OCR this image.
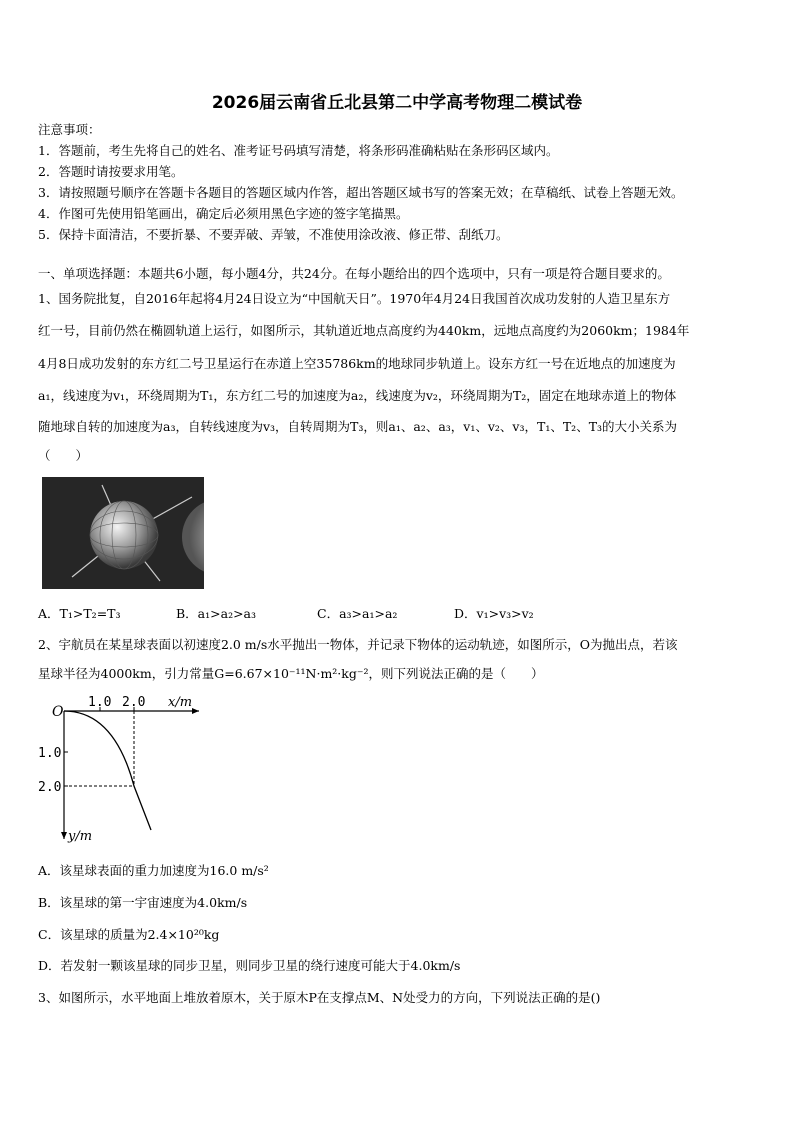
2026届云南省丘北县第二中学高考物理二模试卷
注意事项：
1．答题前，考生先将自己的姓名、准考证号码填写清楚，将条形码准确粘贴在条形码区域内。
2．答题时请按要求用笔。
3．请按照题号顺序在答题卡各题目的答题区域内作答，超出答题区域书写的答案无效；在草稿纸、试卷上答题无效。
4．作图可先使用铅笔画出，确定后必须用黑色字迹的签字笔描黑。
5．保持卡面清洁，不要折暴、不要弄破、弄皱，不准使用涂改液、修正带、刮纸刀。
一、单项选择题：本题共6小题，每小题4分，共24分。在每小题给出的四个选项中，只有一项是符合题目要求的。
1、国务院批复，自2016年起将4月24日设立为“中国航天日”。1970年4月24日我国首次成功发射的人造卫星东方
红一号，目前仍然在椭圆轨道上运行，如图所示，其轨道近地点高度约为440km，远地点高度约为2060km；1984年
4月8日成功发射的东方红二号卫星运行在赤道上空35786km的地球同步轨道上。设东方红一号在近地点的加速度为
a₁，线速度为v₁，环绕周期为T₁，东方红二号的加速度为a₂，线速度为v₂，环绕周期为T₂，固定在地球赤道上的物体
随地球自转的加速度为a₃，自转线速度为v₃，自转周期为T₃，则a₁、a₂、a₃，v₁、v₂、v₃，T₁、T₂、T₃的大小关系为
（　　）
A．T₁>T₂=T₃	B．a₁>a₂>a₃	C．a₃>a₁>a₂	D．v₁>v₃>v₂
2、宇航员在某星球表面以初速度2.0 m/s水平抛出一物体，并记录下物体的运动轨迹，如图所示，O为抛出点，若该
星球半径为4000km，引力常量G=6.67×10⁻¹¹N·m²·kg⁻²，则下列说法正确的是（　　）
O
1.0 2.0 x/m
1.0
2.0
y/m
A．该星球表面的重力加速度为16.0 m/s²
B．该星球的第一宇宙速度为4.0km/s
C．该星球的质量为2.4×10²⁰kg
D．若发射一颗该星球的同步卫星，则同步卫星的绕行速度可能大于4.0km/s
3、如图所示，水平地面上堆放着原木，关于原木P在支撑点M、N处受力的方向，下列说法正确的是()
